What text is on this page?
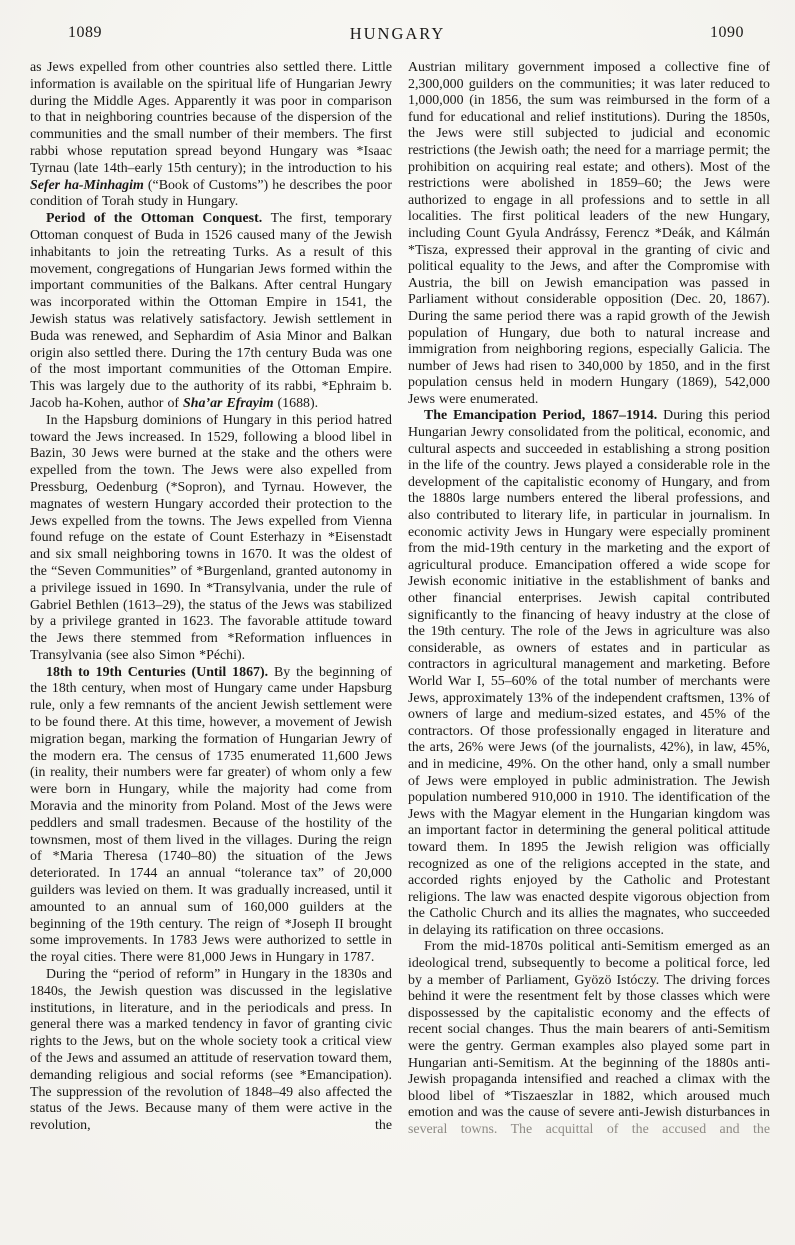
1089	HUNGARY	1090

as Jews expelled from other countries also settled there. Little information is available on the spiritual life of Hungarian Jewry during the Middle Ages. Apparently it was poor in comparison to that in neighboring countries because of the dispersion of the communities and the small number of their members. The first rabbi whose reputation spread beyond Hungary was *Isaac Tyrnau (late 14th–early 15th century); in the introduction to his Sefer ha-Minhagim (“Book of Customs”) he describes the poor condition of Torah study in Hungary.

Period of the Ottoman Conquest. The first, temporary Ottoman conquest of Buda in 1526 caused many of the Jewish inhabitants to join the retreating Turks. As a result of this movement, congregations of Hungarian Jews formed within the important communities of the Balkans. After central Hungary was incorporated within the Ottoman Empire in 1541, the Jewish status was relatively satisfactory. Jewish settlement in Buda was renewed, and Sephardim of Asia Minor and Balkan origin also settled there. During the 17th century Buda was one of the most important communities of the Ottoman Empire. This was largely due to the authority of its rabbi, *Ephraim b. Jacob ha-Kohen, author of Sha’ar Efrayim (1688).

In the Hapsburg dominions of Hungary in this period hatred toward the Jews increased. In 1529, following a blood libel in Bazin, 30 Jews were burned at the stake and the others were expelled from the town. The Jews were also expelled from Pressburg, Oedenburg (*Sopron), and Tyrnau. However, the magnates of western Hungary accorded their protection to the Jews expelled from the towns. The Jews expelled from Vienna found refuge on the estate of Count Esterhazy in *Eisenstadt and six small neighboring towns in 1670. It was the oldest of the “Seven Communities” of *Burgenland, granted autonomy in a privilege issued in 1690. In *Transylvania, under the rule of Gabriel Bethlen (1613–29), the status of the Jews was stabilized by a privilege granted in 1623. The favorable attitude toward the Jews there stemmed from *Reformation influences in Transylvania (see also Simon *Péchi).

18th to 19th Centuries (Until 1867). By the beginning of the 18th century, when most of Hungary came under Hapsburg rule, only a few remnants of the ancient Jewish settlement were to be found there. At this time, however, a movement of Jewish migration began, marking the formation of Hungarian Jewry of the modern era. The census of 1735 enumerated 11,600 Jews (in reality, their numbers were far greater) of whom only a few were born in Hungary, while the majority had come from Moravia and the minority from Poland. Most of the Jews were peddlers and small tradesmen. Because of the hostility of the townsmen, most of them lived in the villages. During the reign of *Maria Theresa (1740–80) the situation of the Jews deteriorated. In 1744 an annual “tolerance tax” of 20,000 guilders was levied on them. It was gradually increased, until it amounted to an annual sum of 160,000 guilders at the beginning of the 19th century. The reign of *Joseph II brought some improvements. In 1783 Jews were authorized to settle in the royal cities. There were 81,000 Jews in Hungary in 1787.

During the “period of reform” in Hungary in the 1830s and 1840s, the Jewish question was discussed in the legislative institutions, in literature, and in the periodicals and press. In general there was a marked tendency in favor of granting civic rights to the Jews, but on the whole society took a critical view of the Jews and assumed an attitude of reservation toward them, demanding religious and social reforms (see *Emancipation). The suppression of the revolution of 1848–49 also affected the status of the Jews. Because many of them were active in the revolution, the

Austrian military government imposed a collective fine of 2,300,000 guilders on the communities; it was later reduced to 1,000,000 (in 1856, the sum was reimbursed in the form of a fund for educational and relief institutions). During the 1850s, the Jews were still subjected to judicial and economic restrictions (the Jewish oath; the need for a marriage permit; the prohibition on acquiring real estate; and others). Most of the restrictions were abolished in 1859–60; the Jews were authorized to engage in all professions and to settle in all localities. The first political leaders of the new Hungary, including Count Gyula Andrássy, Ferencz *Deák, and Kálmán *Tisza, expressed their approval in the granting of civic and political equality to the Jews, and after the Compromise with Austria, the bill on Jewish emancipation was passed in Parliament without considerable opposition (Dec. 20, 1867). During the same period there was a rapid growth of the Jewish population of Hungary, due both to natural increase and immigration from neighboring regions, especially Galicia. The number of Jews had risen to 340,000 by 1850, and in the first population census held in modern Hungary (1869), 542,000 Jews were enumerated.

The Emancipation Period, 1867–1914. During this period Hungarian Jewry consolidated from the political, economic, and cultural aspects and succeeded in establishing a strong position in the life of the country. Jews played a considerable role in the development of the capitalistic economy of Hungary, and from the 1880s large numbers entered the liberal professions, and also contributed to literary life, in particular in journalism. In economic activity Jews in Hungary were especially prominent from the mid-19th century in the marketing and the export of agricultural produce. Emancipation offered a wide scope for Jewish economic initiative in the establishment of banks and other financial enterprises. Jewish capital contributed significantly to the financing of heavy industry at the close of the 19th century. The role of the Jews in agriculture was also considerable, as owners of estates and in particular as contractors in agricultural management and marketing. Before World War I, 55–60% of the total number of merchants were Jews, approximately 13% of the independent craftsmen, 13% of owners of large and medium-sized estates, and 45% of the contractors. Of those professionally engaged in literature and the arts, 26% were Jews (of the journalists, 42%), in law, 45%, and in medicine, 49%. On the other hand, only a small number of Jews were employed in public administration. The Jewish population numbered 910,000 in 1910. The identification of the Jews with the Magyar element in the Hungarian kingdom was an important factor in determining the general political attitude toward them. In 1895 the Jewish religion was officially recognized as one of the religions accepted in the state, and accorded rights enjoyed by the Catholic and Protestant religions. The law was enacted despite vigorous objection from the Catholic Church and its allies the magnates, who succeeded in delaying its ratification on three occasions.

From the mid-1870s political anti-Semitism emerged as an ideological trend, subsequently to become a political force, led by a member of Parliament, Gyözö Istóczy. The driving forces behind it were the resentment felt by those classes which were dispossessed by the capitalistic economy and the effects of recent social changes. Thus the main bearers of anti-Semitism were the gentry. German examples also played some part in Hungarian anti-Semitism. At the beginning of the 1880s anti-Jewish propaganda intensified and reached a climax with the blood libel of *Tiszaeszlar in 1882, which aroused much emotion and was the cause of severe anti-Jewish disturbances in several towns. The acquittal of the accused and the
